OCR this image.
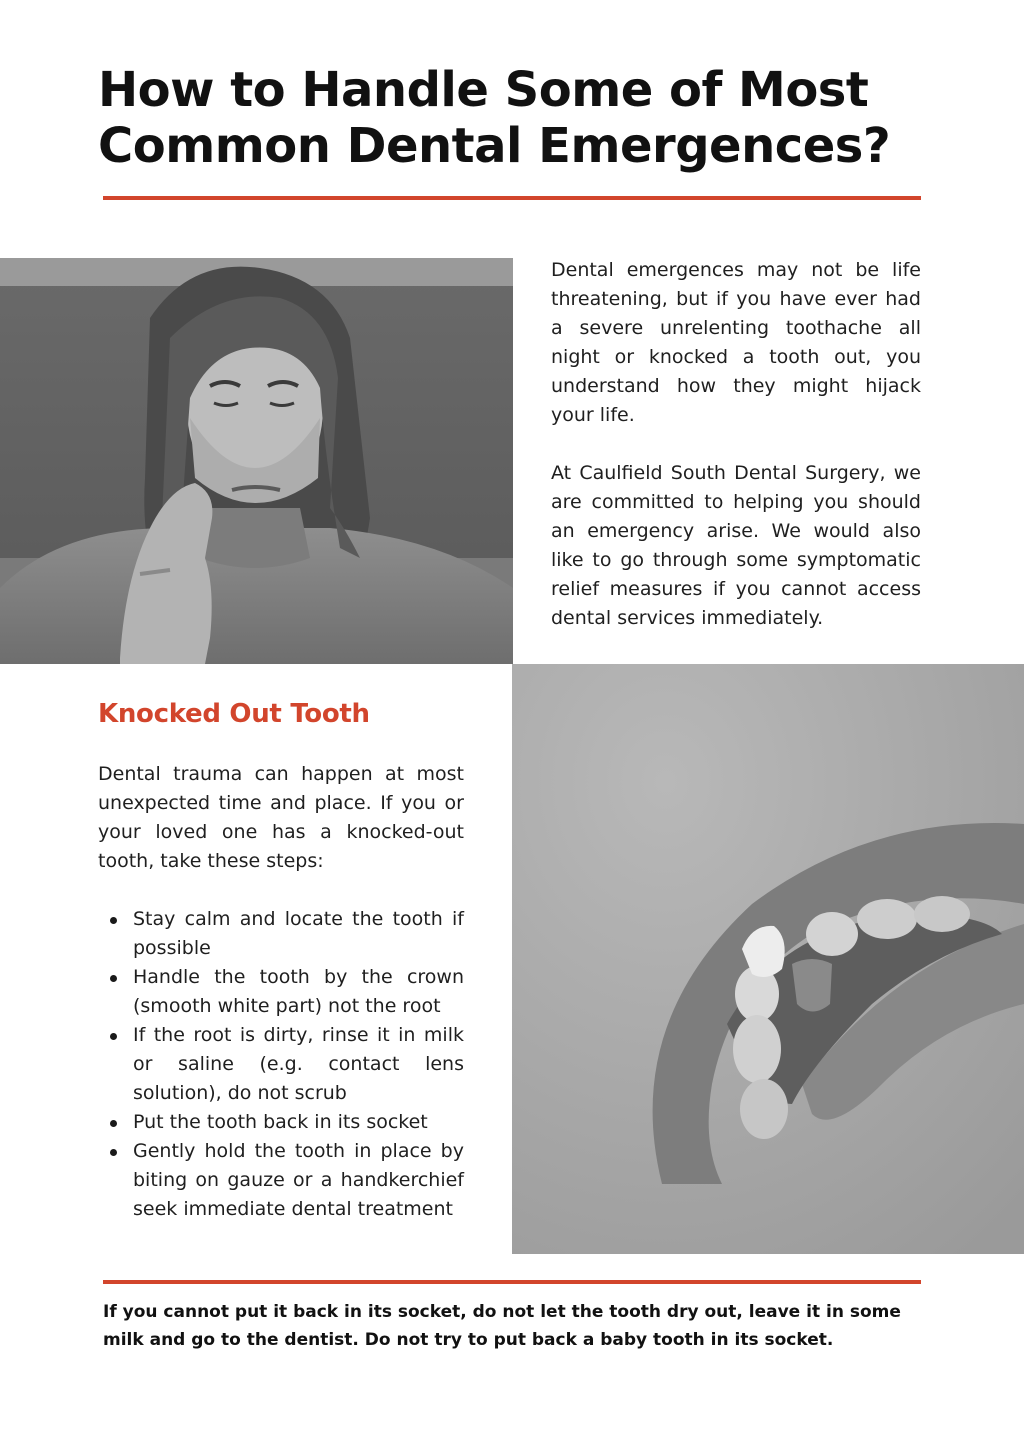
How to Handle Some of Most
Common Dental Emergences?

Dental emergences may not be life threatening, but if you have ever had a severe unrelenting toothache all night or knocked a tooth out, you understand how they might hijack your life.

At Caulfield South Dental Surgery, we are committed to helping you should an emergency arise. We would also like to go through some symptomatic relief measures if you cannot access dental services immediately.

Knocked Out Tooth

Dental trauma can happen at most unexpected time and place. If you or your loved one has a knocked-out tooth, take these steps:

Stay calm and locate the tooth if possible
Handle the tooth by the crown (smooth white part) not the root
If the root is dirty, rinse it in milk or saline (e.g. contact lens solution), do not scrub
Put the tooth back in its socket
Gently hold the tooth in place by biting on gauze or a handkerchief seek immediate dental treatment

If you cannot put it back in its socket, do not let the tooth dry out, leave it in some milk and go to the dentist. Do not try to put back a baby tooth in its socket.
